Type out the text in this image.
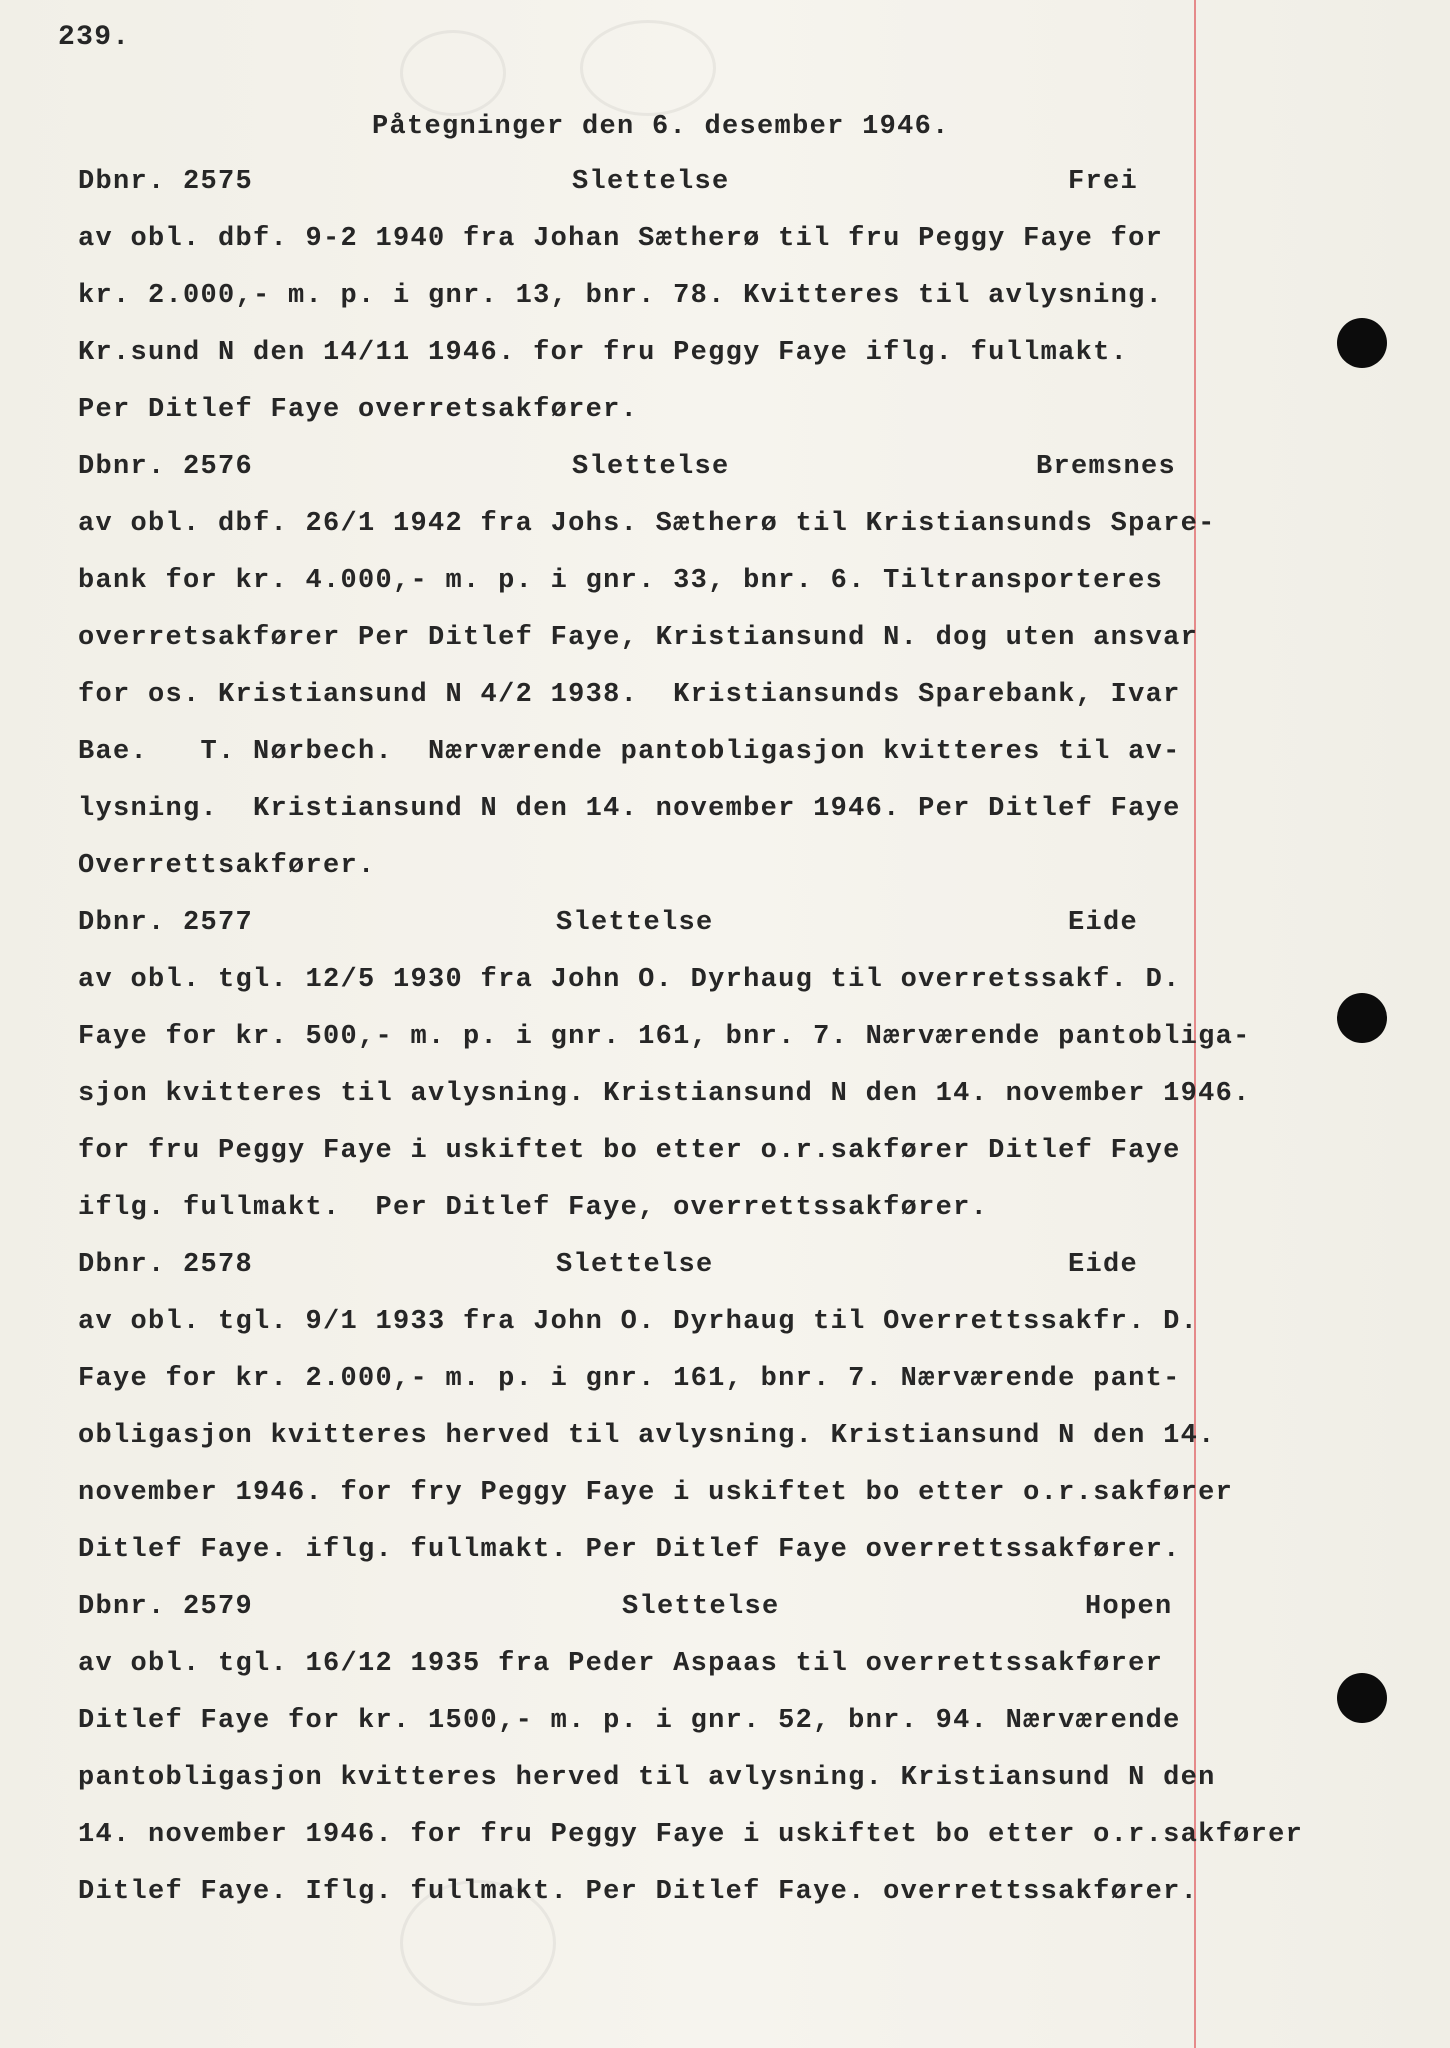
239.
Påtegninger den 6. desember 1946.
Dbnr. 2575	Slettelse	Frei
av obl. dbf. 9-2 1940 fra Johan Sætherø til fru Peggy Faye for
kr. 2.000,- m. p. i gnr. 13, bnr. 78. Kvitteres til avlysning.
Kr.sund N den 14/11 1946. for fru Peggy Faye iflg. fullmakt.
Per Ditlef Faye overretsakfører.
Dbnr. 2576	Slettelse	Bremsnes
av obl. dbf. 26/1 1942 fra Johs. Sætherø til Kristiansunds Spare-
bank for kr. 4.000,- m. p. i gnr. 33, bnr. 6. Tiltransporteres
overretsakfører Per Ditlef Faye, Kristiansund N. dog uten ansvar
for os. Kristiansund N 4/2 1938.  Kristiansunds Sparebank, Ivar
Bae.   T. Nørbech.  Nærværende pantobligasjon kvitteres til av-
lysning.  Kristiansund N den 14. november 1946. Per Ditlef Faye
Overrettsakfører.
Dbnr. 2577	Slettelse	Eide
av obl. tgl. 12/5 1930 fra John O. Dyrhaug til overretssakf. D.
Faye for kr. 500,- m. p. i gnr. 161, bnr. 7. Nærværende pantobliga-
sjon kvitteres til avlysning. Kristiansund N den 14. november 1946.
for fru Peggy Faye i uskiftet bo etter o.r.sakfører Ditlef Faye
iflg. fullmakt.  Per Ditlef Faye, overrettssakfører.
Dbnr. 2578	Slettelse	Eide
av obl. tgl. 9/1 1933 fra John O. Dyrhaug til Overrettssakfr. D.
Faye for kr. 2.000,- m. p. i gnr. 161, bnr. 7. Nærværende pant-
obligasjon kvitteres herved til avlysning. Kristiansund N den 14.
november 1946. for fry Peggy Faye i uskiftet bo etter o.r.sakfører
Ditlef Faye. iflg. fullmakt. Per Ditlef Faye overrettssakfører.
Dbnr. 2579	Slettelse	Hopen
av obl. tgl. 16/12 1935 fra Peder Aspaas til overrettssakfører
Ditlef Faye for kr. 1500,- m. p. i gnr. 52, bnr. 94. Nærværende
pantobligasjon kvitteres herved til avlysning. Kristiansund N den
14. november 1946. for fru Peggy Faye i uskiftet bo etter o.r.sakfører
Ditlef Faye. Iflg. fullmakt. Per Ditlef Faye. overrettssakfører.
